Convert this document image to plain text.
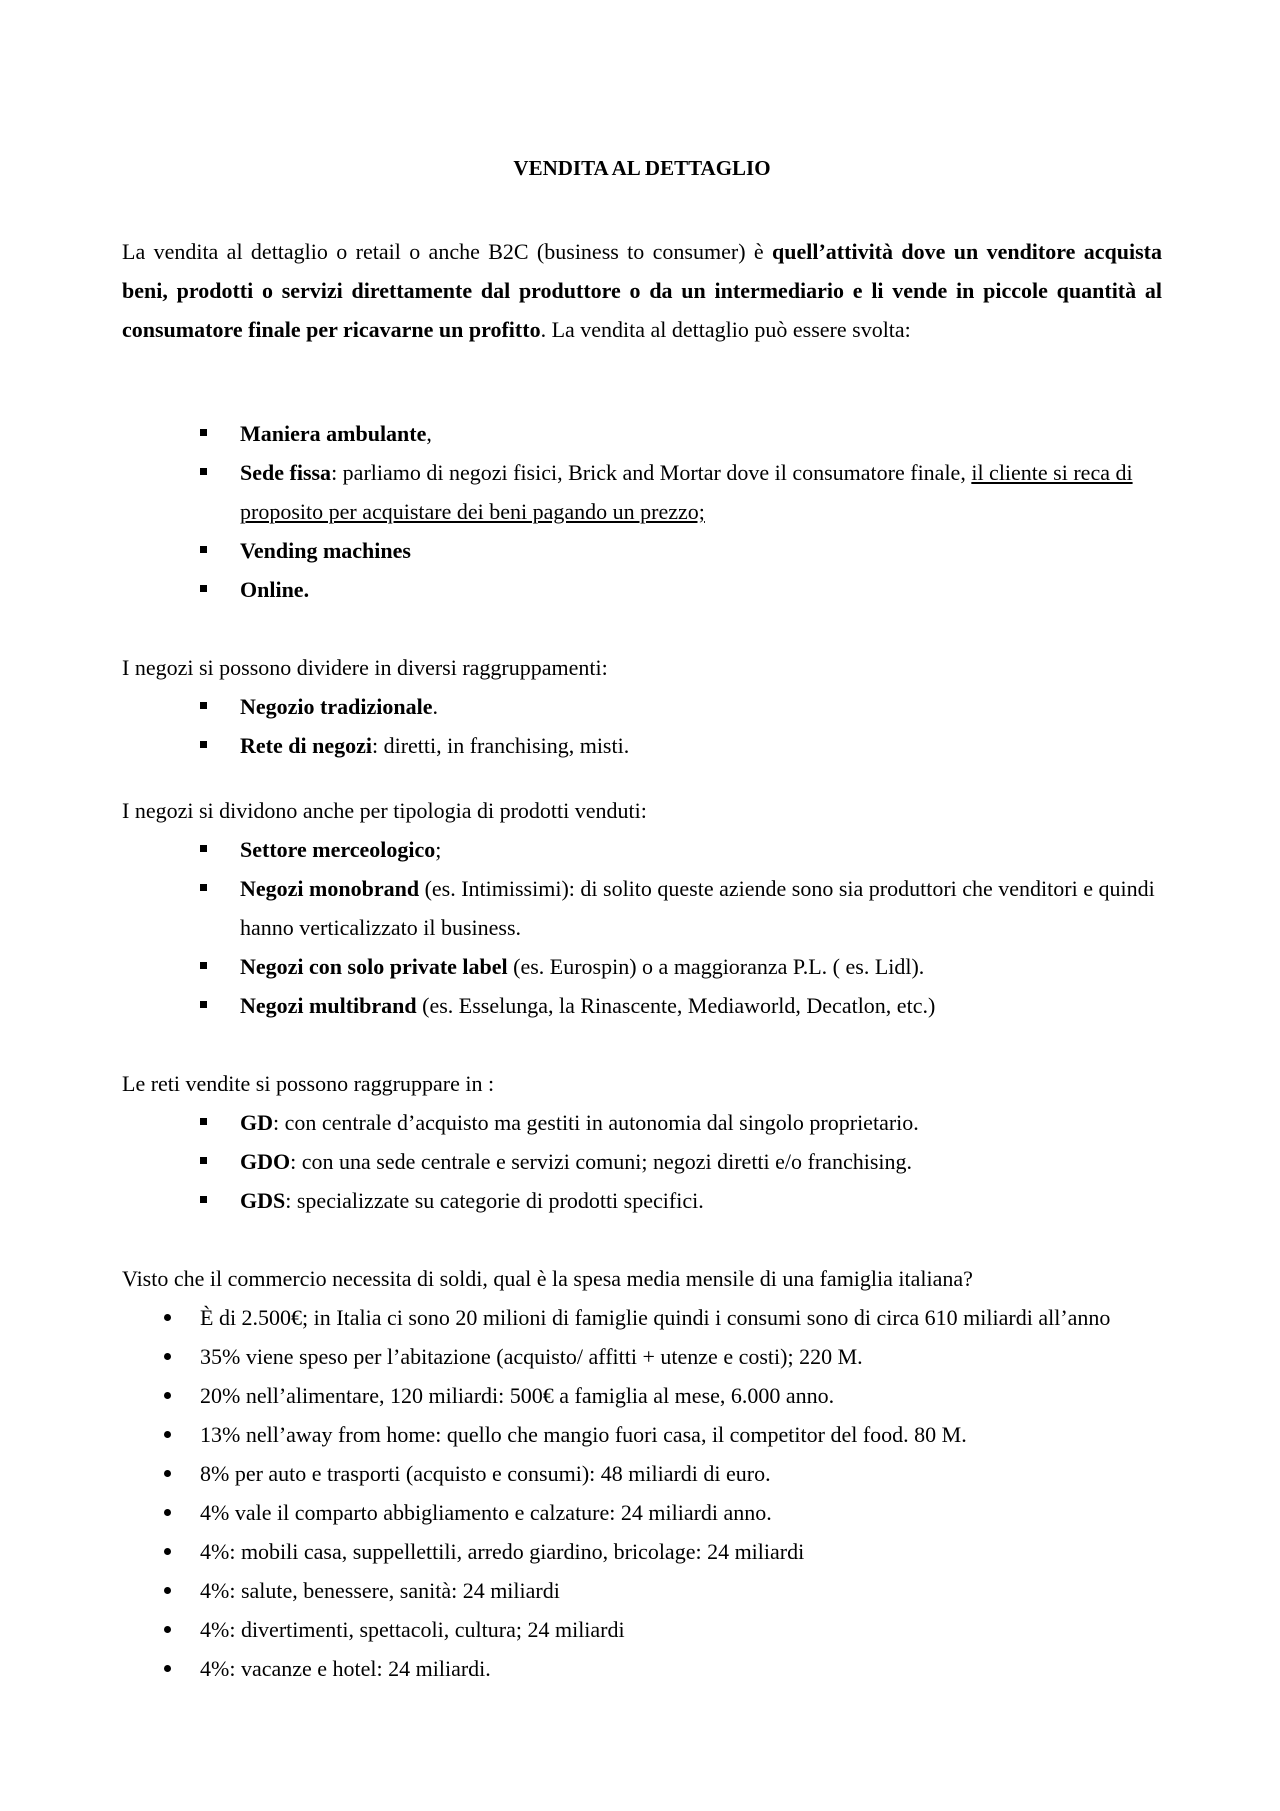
VENDITA AL DETTAGLIO

La vendita al dettaglio o retail o anche B2C (business to consumer) è quell’attività dove un venditore acquista beni, prodotti o servizi direttamente dal produttore o da un intermediario e li vende in piccole quantità al consumatore finale per ricavarne un profitto. La vendita al dettaglio può essere svolta:

Maniera ambulante,
Sede fissa: parliamo di negozi fisici, Brick and Mortar dove il consumatore finale, il cliente si reca di proposito per acquistare dei beni pagando un prezzo;
Vending machines
Online.

I negozi si possono dividere in diversi raggruppamenti:

Negozio tradizionale.
Rete di negozi: diretti, in franchising, misti.

I negozi si dividono anche per tipologia di prodotti venduti:

Settore merceologico;
Negozi monobrand (es. Intimissimi): di solito queste aziende sono sia produttori che venditori e quindi hanno verticalizzato il business.
Negozi con solo private label (es. Eurospin) o a maggioranza P.L. ( es. Lidl).
Negozi multibrand (es. Esselunga, la Rinascente, Mediaworld, Decatlon, etc.)

Le reti vendite si possono raggruppare in :

GD: con centrale d’acquisto ma gestiti in autonomia dal singolo proprietario.
GDO: con una sede centrale e servizi comuni; negozi diretti e/o franchising.
GDS: specializzate su categorie di prodotti specifici.

Visto che il commercio necessita di soldi, qual è la spesa media mensile di una famiglia italiana?

È di 2.500€; in Italia ci sono 20 milioni di famiglie quindi i consumi sono di circa 610 miliardi all’anno
35% viene speso per l’abitazione (acquisto/ affitti + utenze e costi); 220 M.
20% nell’alimentare, 120 miliardi: 500€ a famiglia al mese, 6.000 anno.
13% nell’away from home: quello che mangio fuori casa, il competitor del food. 80 M.
8% per auto e trasporti (acquisto e consumi): 48 miliardi di euro.
4% vale il comparto abbigliamento e calzature: 24 miliardi anno.
4%: mobili casa, suppellettili, arredo giardino, bricolage: 24 miliardi
4%: salute, benessere, sanità: 24 miliardi
4%: divertimenti, spettacoli, cultura; 24 miliardi
4%: vacanze e hotel: 24 miliardi.
